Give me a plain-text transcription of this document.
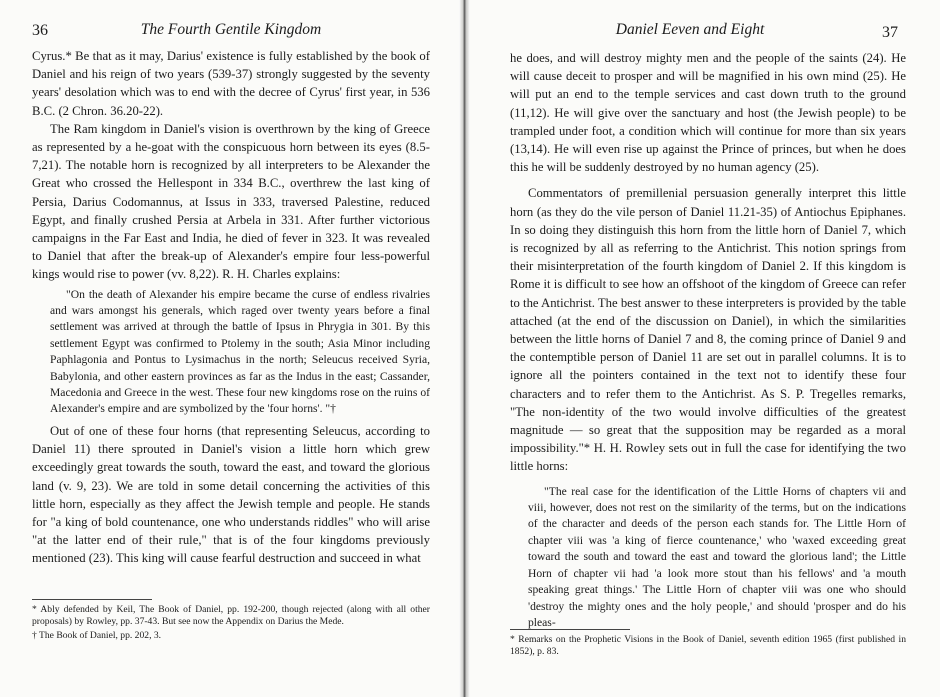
36	The Fourth Gentile Kingdom

Cyrus.* Be that as it may, Darius' existence is fully established by the book of Daniel and his reign of two years (539-37) strongly suggested by the seventy years' desolation which was to end with the decree of Cyrus' first year, in 536 B.C. (2 Chron. 36.20-22).

The Ram kingdom in Daniel's vision is overthrown by the king of Greece as represented by a he-goat with the conspicuous horn between its eyes (8.5-7,21). The notable horn is recognized by all interpreters to be Alexander the Great who crossed the Hellespont in 334 B.C., overthrew the last king of Persia, Darius Codomannus, at Issus in 333, traversed Palestine, reduced Egypt, and finally crushed Persia at Arbela in 331. After further victorious campaigns in the Far East and India, he died of fever in 323. It was revealed to Daniel that after the break-up of Alexander's empire four less-powerful kings would rise to power (vv. 8,22). R. H. Charles explains:

"On the death of Alexander his empire became the curse of endless rivalries and wars amongst his generals, which raged over twenty years before a final settlement was arrived at through the battle of Ipsus in Phrygia in 301. By this settlement Egypt was confirmed to Ptolemy in the south; Asia Minor including Paphlagonia and Pontus to Lysimachus in the north; Seleucus received Syria, Babylonia, and other eastern provinces as far as the Indus in the east; Cassander, Macedonia and Greece in the west. These four new kingdoms rose on the ruins of Alexander's empire and are symbolized by the 'four horns'. "†

Out of one of these four horns (that representing Seleucus, according to Daniel 11) there sprouted in Daniel's vision a little horn which grew exceedingly great towards the south, toward the east, and toward the glorious land (v. 9, 23). We are told in some detail concerning the activities of this little horn, especially as they affect the Jewish temple and people. He stands for "a king of bold countenance, one who understands riddles" who will arise "at the latter end of their rule," that is of the four kingdoms previously mentioned (23). This king will cause fearful destruction and succeed in what

* Ably defended by Keil, The Book of Daniel, pp. 192-200, though rejected (along with all other proposals) by Rowley, pp. 37-43. But see now the Appendix on Darius the Mede.

† The Book of Daniel, pp. 202, 3.

Daniel Eeven and Eight	37

he does, and will destroy mighty men and the people of the saints (24). He will cause deceit to prosper and will be magnified in his own mind (25). He will put an end to the temple services and cast down truth to the ground (11,12). He will give over the sanctuary and host (the Jewish people) to be trampled under foot, a condition which will continue for more than six years (13,14). He will even rise up against the Prince of princes, but when he does this he will be suddenly destroyed by no human agency (25).

Commentators of premillenial persuasion generally interpret this little horn (as they do the vile person of Daniel 11.21-35) of Antiochus Epiphanes. In so doing they distinguish this horn from the little horn of Daniel 7, which is recognized by all as referring to the Antichrist. This notion springs from their misinterpretation of the fourth kingdom of Daniel 2. If this kingdom is Rome it is difficult to see how an offshoot of the kingdom of Greece can refer to the Antichrist. The best answer to these interpreters is provided by the table attached (at the end of the discussion on Daniel), in which the similarities between the little horns of Daniel 7 and 8, the coming prince of Daniel 9 and the contemptible person of Daniel 11 are set out in parallel columns. It is to ignore all the pointers contained in the text not to identify these four characters and to refer them to the Antichrist. As S. P. Tregelles remarks, "The non-identity of the two would involve difficulties of the greatest magnitude — so great that the supposition may be regarded as a moral impossibility."* H. H. Rowley sets out in full the case for identifying the two little horns:

"The real case for the identification of the Little Horns of chapters vii and viii, however, does not rest on the similarity of the terms, but on the indications of the character and deeds of the person each stands for. The Little Horn of chapter viii was 'a king of fierce countenance,' who 'waxed exceeding great toward the south and toward the east and toward the glorious land'; the Little Horn of chapter vii had 'a look more stout than his fellows' and 'a mouth speaking great things.' The Little Horn of chapter viii was one who should 'destroy the mighty ones and the holy people,' and should 'prosper and do his pleas-

* Remarks on the Prophetic Visions in the Book of Daniel, seventh edition 1965 (first published in 1852), p. 83.
